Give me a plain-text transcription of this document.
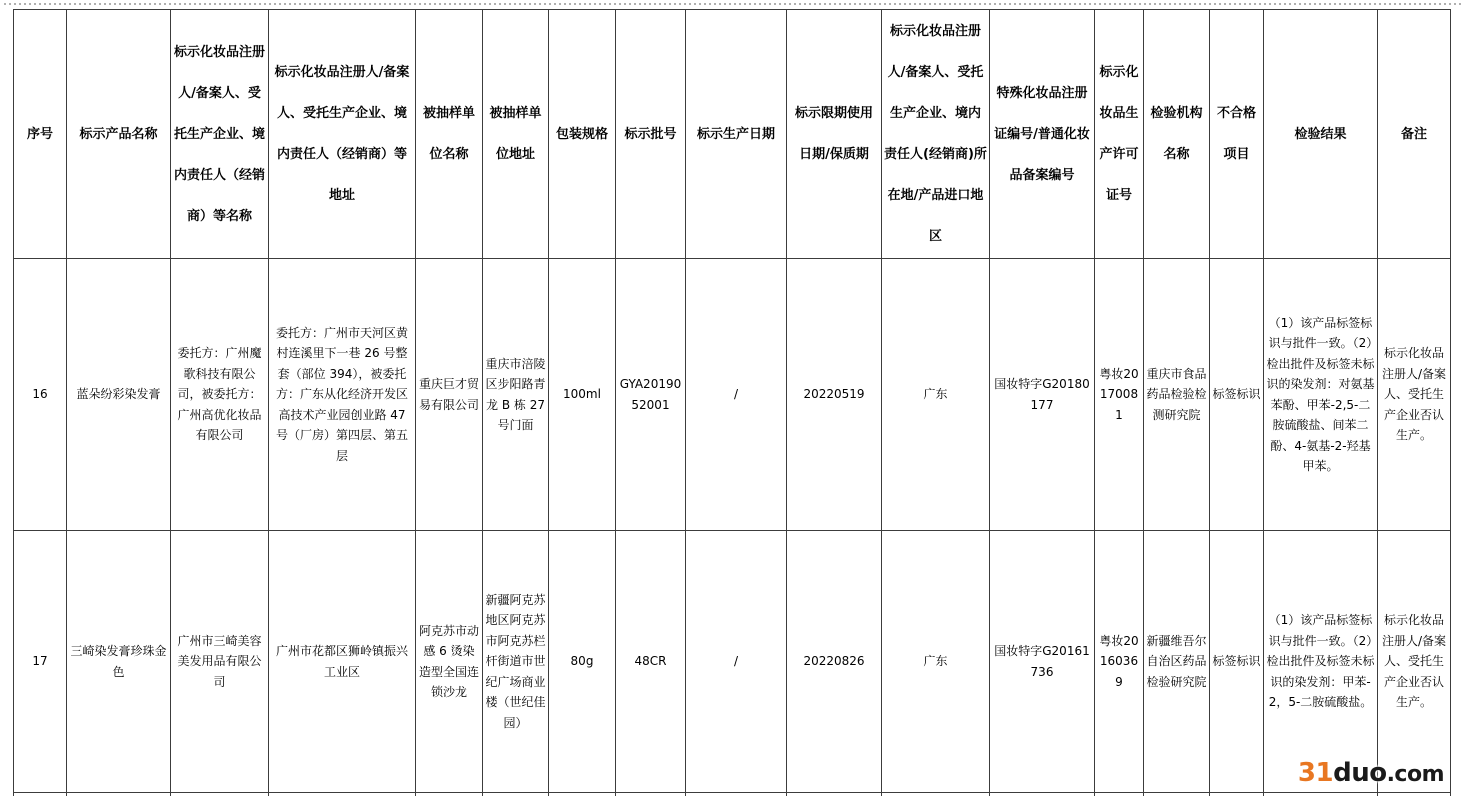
序号	标示产品名称	标示化妆品注册人/备案人、受托生产企业、境内责任人（经销商）等名称	标示化妆品注册人/备案人、受托生产企业、境内责任人（经销商）等地址	被抽样单位名称	被抽样单位地址	包装规格	标示批号	标示生产日期	标示限期使用日期/保质期	标示化妆品注册人/备案人、受托生产企业、境内责任人(经销商)所在地/产品进口地区	特殊化妆品注册证编号/普通化妆品备案编号	标示化妆品生产许可证号	检验机构名称	不合格项目	检验结果	备注
16	蓝朵纷彩染发膏	委托方：广州魔歌科技有限公司，被委托方：广州高优化妆品有限公司	委托方：广州市天河区黄村连溪里下一巷 26 号整套（部位 394），被委托方：广东从化经济开发区高技术产业园创业路 47 号（厂房）第四层、第五层	重庆巨才贸易有限公司	重庆市涪陵区步阳路青龙 B 栋 27 号门面	100ml	GYA2019052001	/	20220519	广东	国妆特字G20180177	粤妆20170081	重庆市食品药品检验检测研究院	标签标识	（1）该产品标签标识与批件一致。（2）检出批件及标签未标识的染发剂：对氨基苯酚、甲苯-2,5-二胺硫酸盐、间苯二酚、4-氨基-2-羟基甲苯。	标示化妆品注册人/备案人、受托生产企业否认生产。
17	三崎染发膏珍珠金色	广州市三崎美容美发用品有限公司	广州市花都区狮岭镇振兴工业区	阿克苏市动感 6 烫染造型全国连锁沙龙	新疆阿克苏地区阿克苏市阿克苏栏杆街道市世纪广场商业楼（世纪佳园）	80g	48CR	/	20220826	广东	国妆特字G20161736	粤妆20160369	新疆维吾尔自治区药品检验研究院	标签标识	（1）该产品标签标识与批件一致。（2）检出批件及标签未标识的染发剂：甲苯-2，5-二胺硫酸盐。	标示化妆品注册人/备案人、受托生产企业否认生产。

31duo.com
